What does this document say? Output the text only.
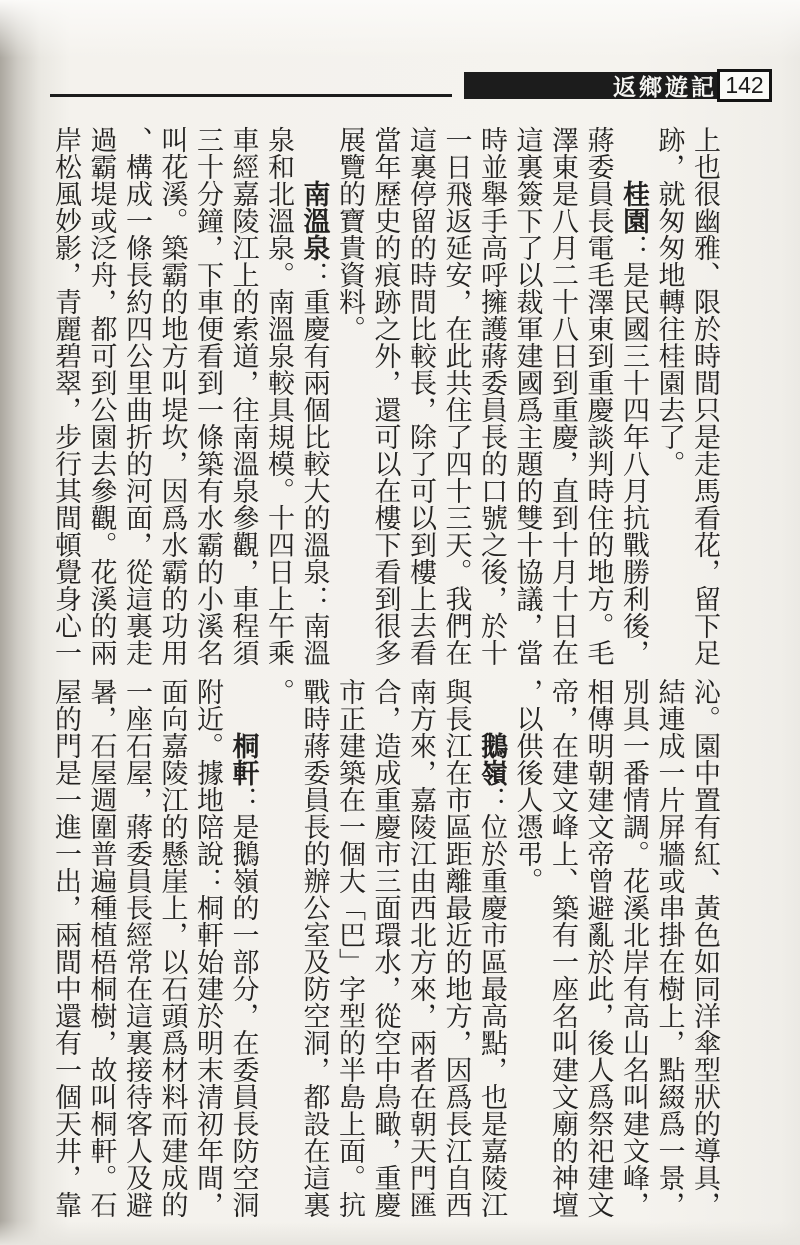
返鄉遊記 142

上也很幽雅、限於時間只是走馬看花，留下足跡，就匆匆地轉往桂園去了。

桂園：是民國三十四年八月抗戰勝利後，蔣委員長電毛澤東到重慶談判時住的地方。毛澤東是八月二十八日到重慶，直到十月十日在這裏簽下了以裁軍建國爲主題的雙十協議，當時並舉手高呼擁護蔣委員長的口號之後，於十一日飛返延安，在此共住了四十三天。我們在這裏停留的時間比較長，除了可以到樓上去看當年歷史的痕跡之外，還可以在樓下看到很多展覽的寶貴資料。

南溫泉：重慶有兩個比較大的溫泉：南溫泉和北溫泉。南溫泉較具規模。十四日上午乘車經嘉陵江上的索道，往南溫泉參觀，車程須三十分鐘，下車便看到一條築有水霸的小溪名叫花溪。築霸的地方叫堤坎，因爲水霸的功用、構成一條長約四公里曲折的河面，從這裏走過霸堤或泛舟，都可到公園去參觀。花溪的兩岸松風妙影，青麗碧翠，步行其間頓覺身心一

沁。園中置有紅、黃色如同洋傘型狀的導具，結連成一片屏牆或串掛在樹上，點綴爲一景，別具一番情調。花溪北岸有高山名叫建文峰，相傳明朝建文帝曾避亂於此，後人爲祭祀建文帝，在建文峰上、築有一座名叫建文廟的神壇，以供後人憑弔。

鵝嶺：位於重慶市區最高點，也是嘉陵江與長江在市區距離最近的地方，因爲長江自西南方來，嘉陵江由西北方來，兩者在朝天門匯合，造成重慶市三面環水，從空中鳥瞰，重慶市正建築在一個大「巴」字型的半島上面。抗戰時蔣委員長的辦公室及防空洞，都設在這裏。

桐軒：是鵝嶺的一部分，在委員長防空洞附近。據地陪說：桐軒始建於明末清初年間，面向嘉陵江的懸崖上，以石頭爲材料而建成的一座石屋，蔣委員長經常在這裏接待客人及避暑，石屋週圍普遍種植梧桐樹，故叫桐軒。石屋的門是一進一出，兩間中還有一個天井，靠
